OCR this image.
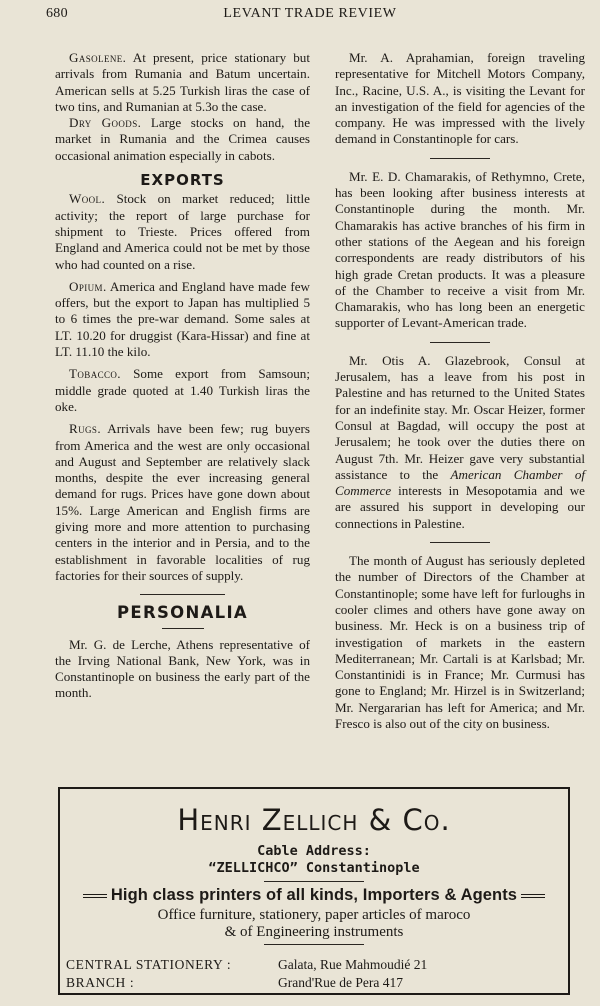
680	LEVANT TRADE REVIEW

Gasolene. At present, price stationary but arrivals from Rumania and Batum uncertain. American sells at 5.25 Turkish liras the case of two tins, and Rumanian at 5.3o the case.

Dry Goods. Large stocks on hand, the market in Rumania and the Crimea causes occasional animation especially in cabots.

EXPORTS

Wool. Stock on market reduced; little activity; the report of large purchase for shipment to Trieste. Prices offered from England and America could not be met by those who had counted on a rise.

Opium. America and England have made few offers, but the export to Japan has multiplied 5 to 6 times the pre-war demand. Some sales at LT. 10.20 for druggist (Kara-Hissar) and fine at LT. 11.10 the kilo.

Tobacco. Some export from Samsoun; middle grade quoted at 1.40 Turkish liras the oke.

Rugs. Arrivals have been few; rug buyers from America and the west are only occasional and August and September are relatively slack months, despite the ever increasing general demand for rugs. Prices have gone down about 15%. Large American and English firms are giving more and more attention to purchasing centers in the interior and in Persia, and to the establishment in favorable localities of rug factories for their sources of supply.

PERSONALIA

Mr. G. de Lerche, Athens representative of the Irving National Bank, New York, was in Constantinople on business the early part of the month.

Mr. A. Aprahamian, foreign traveling representative for Mitchell Motors Company, Inc., Racine, U.S. A., is visiting the Levant for an investigation of the field for agencies of the company. He was impressed with the lively demand in Constantinople for cars.

Mr. E. D. Chamarakis, of Rethymno, Crete, has been looking after business interests at Constantinople during the month. Mr. Chamarakis has active branches of his firm in other stations of the Aegean and his foreign correspondents are ready distributors of his high grade Cretan products. It was a pleasure of the Chamber to receive a visit from Mr. Chamarakis, who has long been an energetic supporter of Levant-American trade.

Mr. Otis A. Glazebrook, Consul at Jerusalem, has a leave from his post in Palestine and has returned to the United States for an indefinite stay. Mr. Oscar Heizer, former Consul at Bagdad, will occupy the post at Jerusalem; he took over the duties there on August 7th. Mr. Heizer gave very substantial assistance to the American Chamber of Commerce interests in Mesopotamia and we are assured his support in developing our connections in Palestine.

The month of August has seriously depleted the number of Directors of the Chamber at Constantinople; some have left for furloughs in cooler climes and others have gone away on business. Mr. Heck is on a business trip of investigation of markets in the eastern Mediterranean; Mr. Cartali is at Karlsbad; Mr. Constantinidi is in France; Mr. Curmusi has gone to England; Mr. Hirzel is in Switzerland; Mr. Nergararian has left for America; and Mr. Fresco is also out of the city on business.

Henri Zellich & Co.
Cable Address:
“ZELLICHCO” Constantinople
High class printers of all kinds, Importers & Agents
Office furniture, stationery, paper articles of maroco
& of Engineering instruments
CENTRAL STATIONERY :	Galata, Rue Mahmoudié 21
BRANCH :	Grand'Rue de Pera 417
